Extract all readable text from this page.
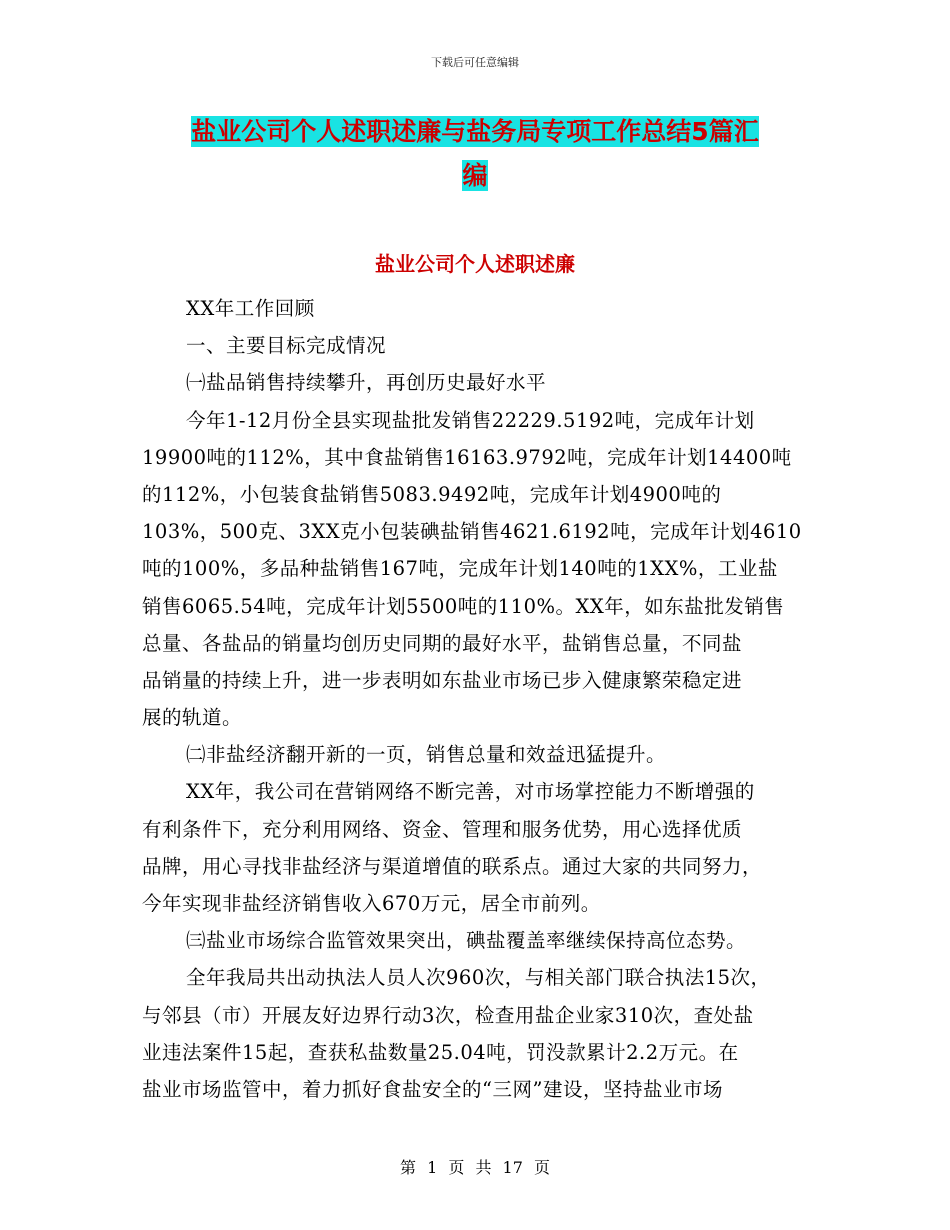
下载后可任意编辑
盐业公司个人述职述廉与盐务局专项工作总结5篇汇
编
盐业公司个人述职述廉
XX年工作回顾
一、主要目标完成情况
㈠盐品销售持续攀升，再创历史最好水平
今年1-12月份全县实现盐批发销售22229.5192吨，完成年计划
19900吨的112%，其中食盐销售16163.9792吨，完成年计划14400吨
的112%，小包装食盐销售5083.9492吨，完成年计划4900吨的
103%，500克、3XX克小包装碘盐销售4621.6192吨，完成年计划4610
吨的100%，多品种盐销售167吨，完成年计划140吨的1XX%，工业盐
销售6065.54吨，完成年计划5500吨的110%。XX年，如东盐批发销售
总量、各盐品的销量均创历史同期的最好水平，盐销售总量，不同盐
品销量的持续上升，进一步表明如东盐业市场已步入健康繁荣稳定进
展的轨道。
㈡非盐经济翻开新的一页，销售总量和效益迅猛提升。
XX年，我公司在营销网络不断完善，对市场掌控能力不断增强的
有利条件下，充分利用网络、资金、管理和服务优势，用心选择优质
品牌，用心寻找非盐经济与渠道增值的联系点。通过大家的共同努力，
今年实现非盐经济销售收入670万元，居全市前列。
㈢盐业市场综合监管效果突出，碘盐覆盖率继续保持高位态势。
全年我局共出动执法人员人次960次，与相关部门联合执法15次，
与邻县（市）开展友好边界行动3次，检查用盐企业家310次，查处盐
业违法案件15起，查获私盐数量25.04吨，罚没款累计2.2万元。在
盐业市场监管中，着力抓好食盐安全的“三网”建设，坚持盐业市场
第 1 页 共 17 页
